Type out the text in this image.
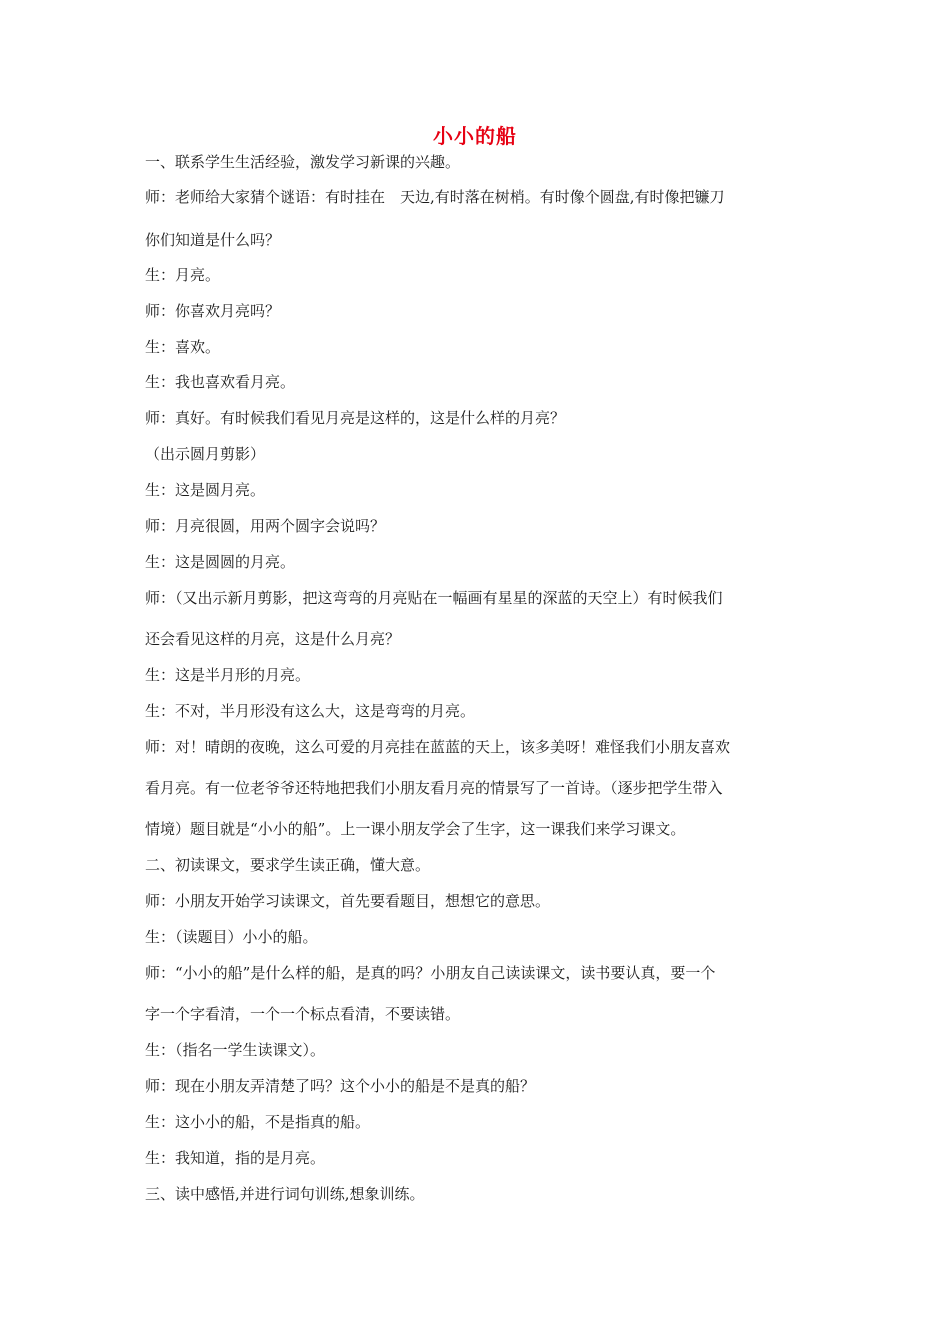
小小的船
一、联系学生生活经验，激发学习新课的兴趣。
师：老师给大家猜个谜语：有时挂在　天边,有时落在树梢。有时像个圆盘,有时像把镰刀
你们知道是什么吗？
生：月亮。
师：你喜欢月亮吗？
生：喜欢。
生：我也喜欢看月亮。
师：真好。有时候我们看见月亮是这样的，这是什么样的月亮？
（出示圆月剪影）
生：这是圆月亮。
师：月亮很圆，用两个圆字会说吗？
生：这是圆圆的月亮。
师：（又出示新月剪影，把这弯弯的月亮贴在一幅画有星星的深蓝的天空上）有时候我们
还会看见这样的月亮，这是什么月亮？
生：这是半月形的月亮。
生：不对，半月形没有这么大，这是弯弯的月亮。
师：对！晴朗的夜晚，这么可爱的月亮挂在蓝蓝的天上，该多美呀！难怪我们小朋友喜欢
看月亮。有一位老爷爷还特地把我们小朋友看月亮的情景写了一首诗。（逐步把学生带入
情境）题目就是“小小的船”。上一课小朋友学会了生字，这一课我们来学习课文。
二、初读课文，要求学生读正确，懂大意。
师：小朋友开始学习读课文，首先要看题目，想想它的意思。
生：（读题目）小小的船。
师：“小小的船”是什么样的船，是真的吗？小朋友自己读读课文，读书要认真，要一个
字一个字看清，一个一个标点看清，不要读错。
生：（指名一学生读课文）。
师：现在小朋友弄清楚了吗？这个小小的船是不是真的船？
生：这小小的船，不是指真的船。
生：我知道，指的是月亮。
三、读中感悟,并进行词句训练,想象训练。
